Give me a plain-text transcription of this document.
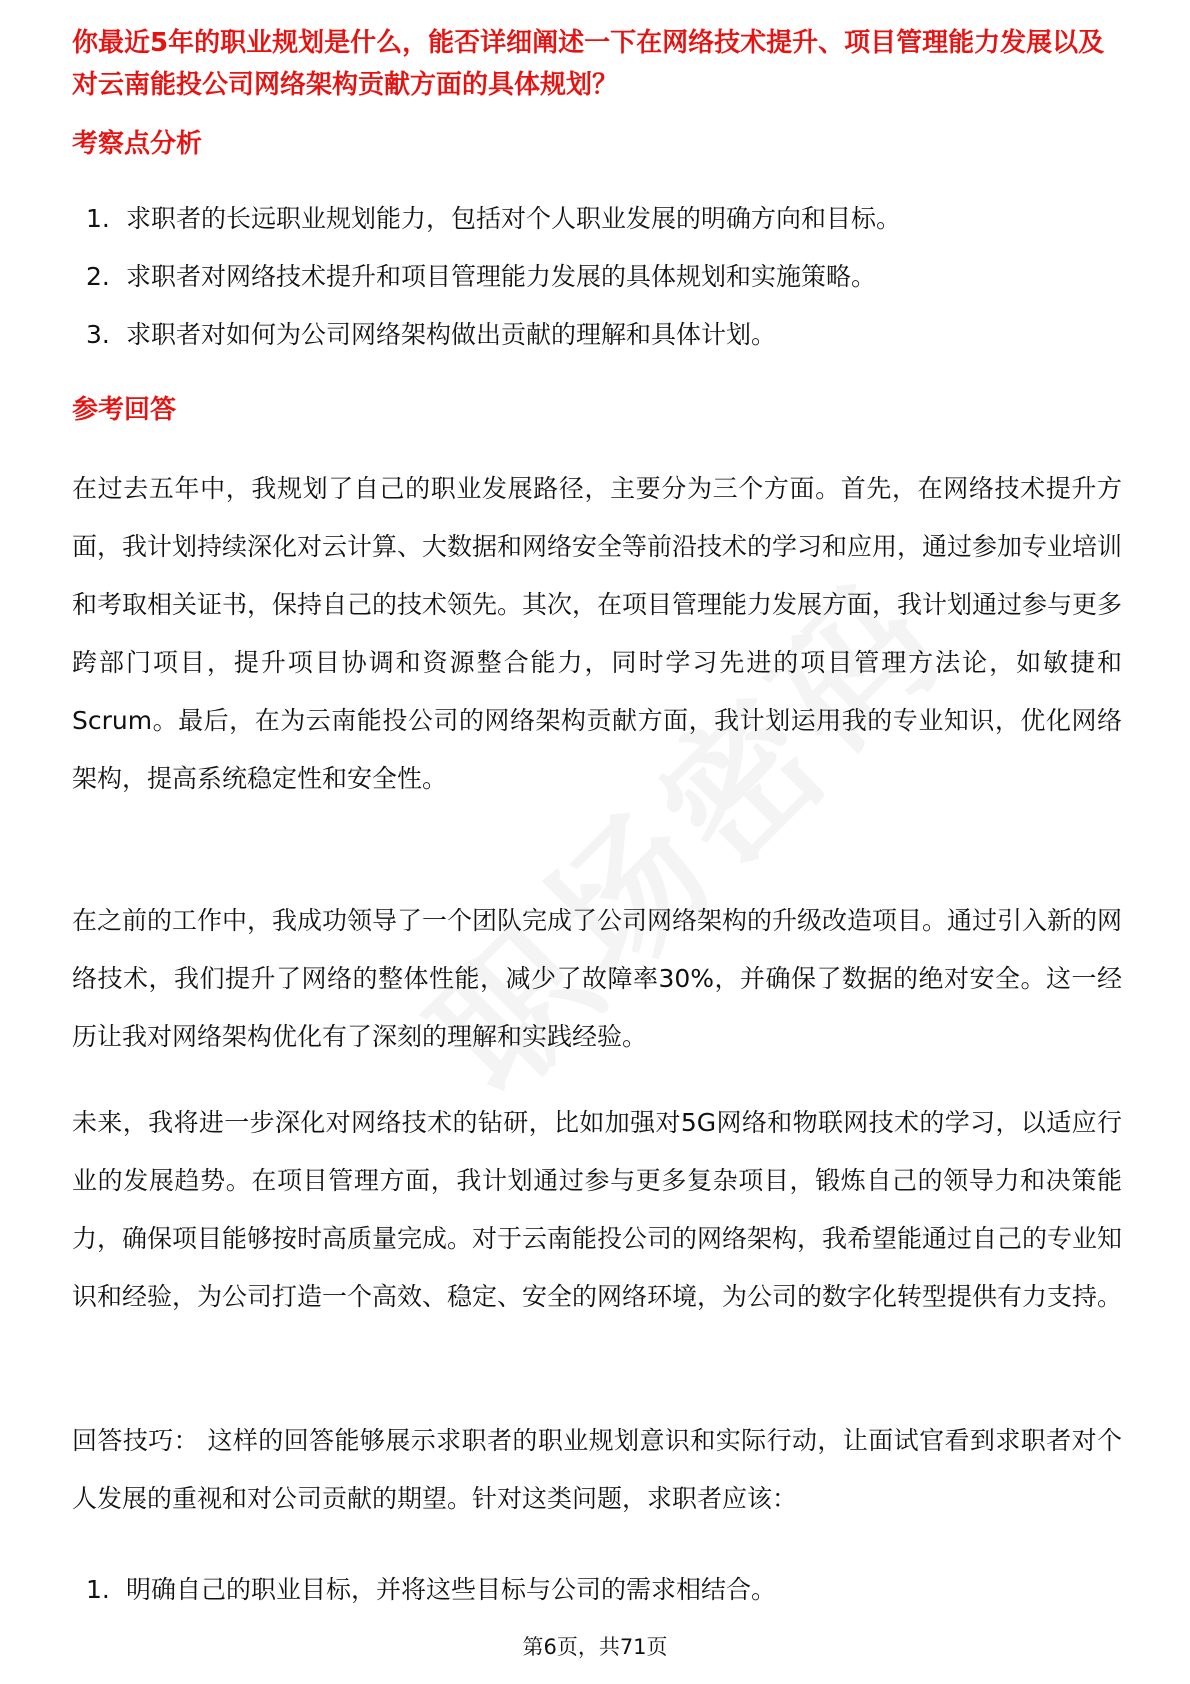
你最近5年的职业规划是什么，能否详细阐述一下在网络技术提升、项目管理能力发展以及对云南能投公司网络架构贡献方面的具体规划？

考察点分析
1. 求职者的长远职业规划能力，包括对个人职业发展的明确方向和目标。
2. 求职者对网络技术提升和项目管理能力发展的具体规划和实施策略。
3. 求职者对如何为公司网络架构做出贡献的理解和具体计划。
参考回答

在过去五年中，我规划了自己的职业发展路径，主要分为三个方面。首先，在网络技术提升方面，我计划持续深化对云计算、大数据和网络安全等前沿技术的学习和应用，通过参加专业培训和考取相关证书，保持自己的技术领先。其次，在项目管理能力发展方面，我计划通过参与更多跨部门项目，提升项目协调和资源整合能力，同时学习先进的项目管理方法论，如敏捷和Scrum。最后，在为云南能投公司的网络架构贡献方面，我计划运用我的专业知识，优化网络架构，提高系统稳定性和安全性。

在之前的工作中，我成功领导了一个团队完成了公司网络架构的升级改造项目。通过引入新的网络技术，我们提升了网络的整体性能，减少了故障率30%，并确保了数据的绝对安全。这一经历让我对网络架构优化有了深刻的理解和实践经验。

未来，我将进一步深化对网络技术的钻研，比如加强对5G网络和物联网技术的学习，以适应行业的发展趋势。在项目管理方面，我计划通过参与更多复杂项目，锻炼自己的领导力和决策能力，确保项目能够按时高质量完成。对于云南能投公司的网络架构，我希望能通过自己的专业知识和经验，为公司打造一个高效、稳定、安全的网络环境，为公司的数字化转型提供有力支持。

回答技巧： 这样的回答能够展示求职者的职业规划意识和实际行动，让面试官看到求职者对个人发展的重视和对公司贡献的期望。针对这类问题，求职者应该：

1. 明确自己的职业目标，并将这些目标与公司的需求相结合。
第6页，共71页
